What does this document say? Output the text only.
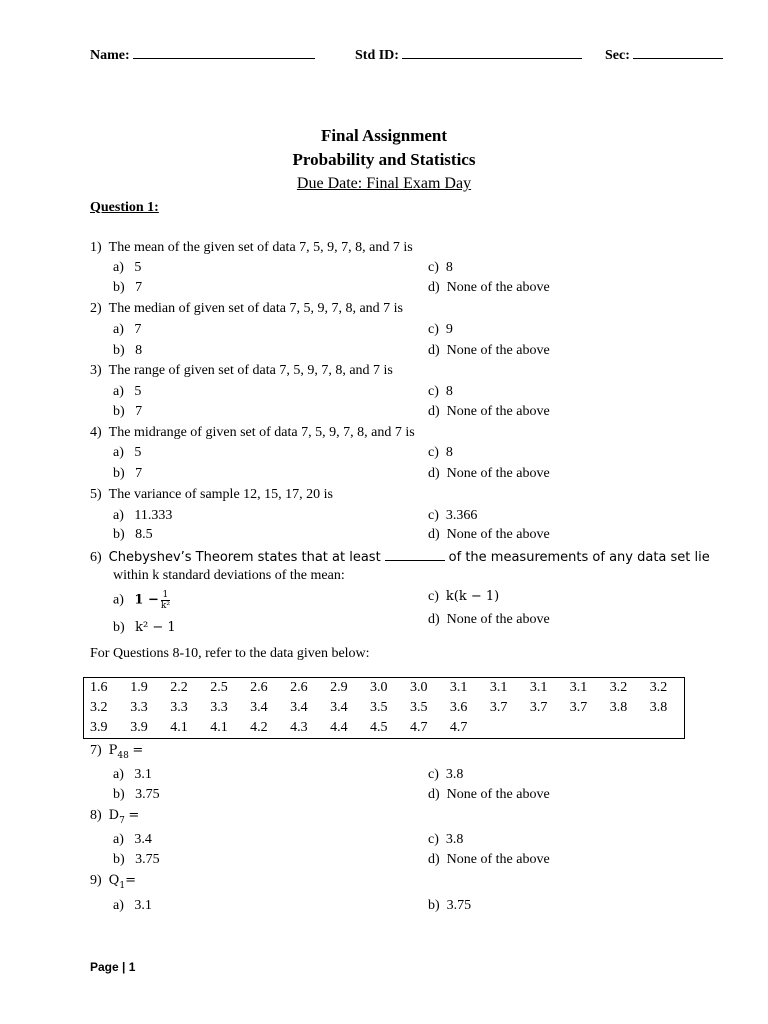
Name:	Std ID:	Sec:
Final Assignment
Probability and Statistics
Due Date: Final Exam Day
Question 1:
1) The mean of the given set of data 7, 5, 9, 7, 8, and 7 is
a) 5	c) 8
b) 7	d) None of the above
2) The median of given set of data 7, 5, 9, 7, 8, and 7 is
a) 7	c) 9
b) 8	d) None of the above
3) The range of given set of data 7, 5, 9, 7, 8, and 7 is
a) 5	c) 8
b) 7	d) None of the above
4) The midrange of given set of data 7, 5, 9, 7, 8, and 7 is
a) 5	c) 8
b) 7	d) None of the above
5) The variance of sample 12, 15, 17, 20 is
a) 11.333	c) 3.366
b) 8.5	d) None of the above
6) Chebyshev’s Theorem states that at least	of the measurements of any data set lie
within k standard deviations of the mean:
a) $1 - \frac{1}{\text{k²}}$	c) k(k − 1)
b) k² − 1
d) None of the above
For Questions 8-10, refer to the data given below:
1.6	1.9	2.2	2.5	2.6	2.6	2.9	3.0	3.0	3.1	3.1	3.1	3.1	3.2	3.2
3.2	3.3	3.3	3.3	3.4	3.4	3.4	3.5	3.5	3.6	3.7	3.7	3.7	3.8	3.8
3.9	3.9	4.1	4.1	4.2	4.3	4.4	4.5	4.7	4.7					
7) $P_{48}$ =
a) 3.1	c) 3.8
b) 3.75	d) None of the above
8) $D_7$ =
a) 3.4	c) 3.8
b) 3.75	d) None of the above
9) $Q_1=$
a) 3.1	b) 3.75
Page | 1
